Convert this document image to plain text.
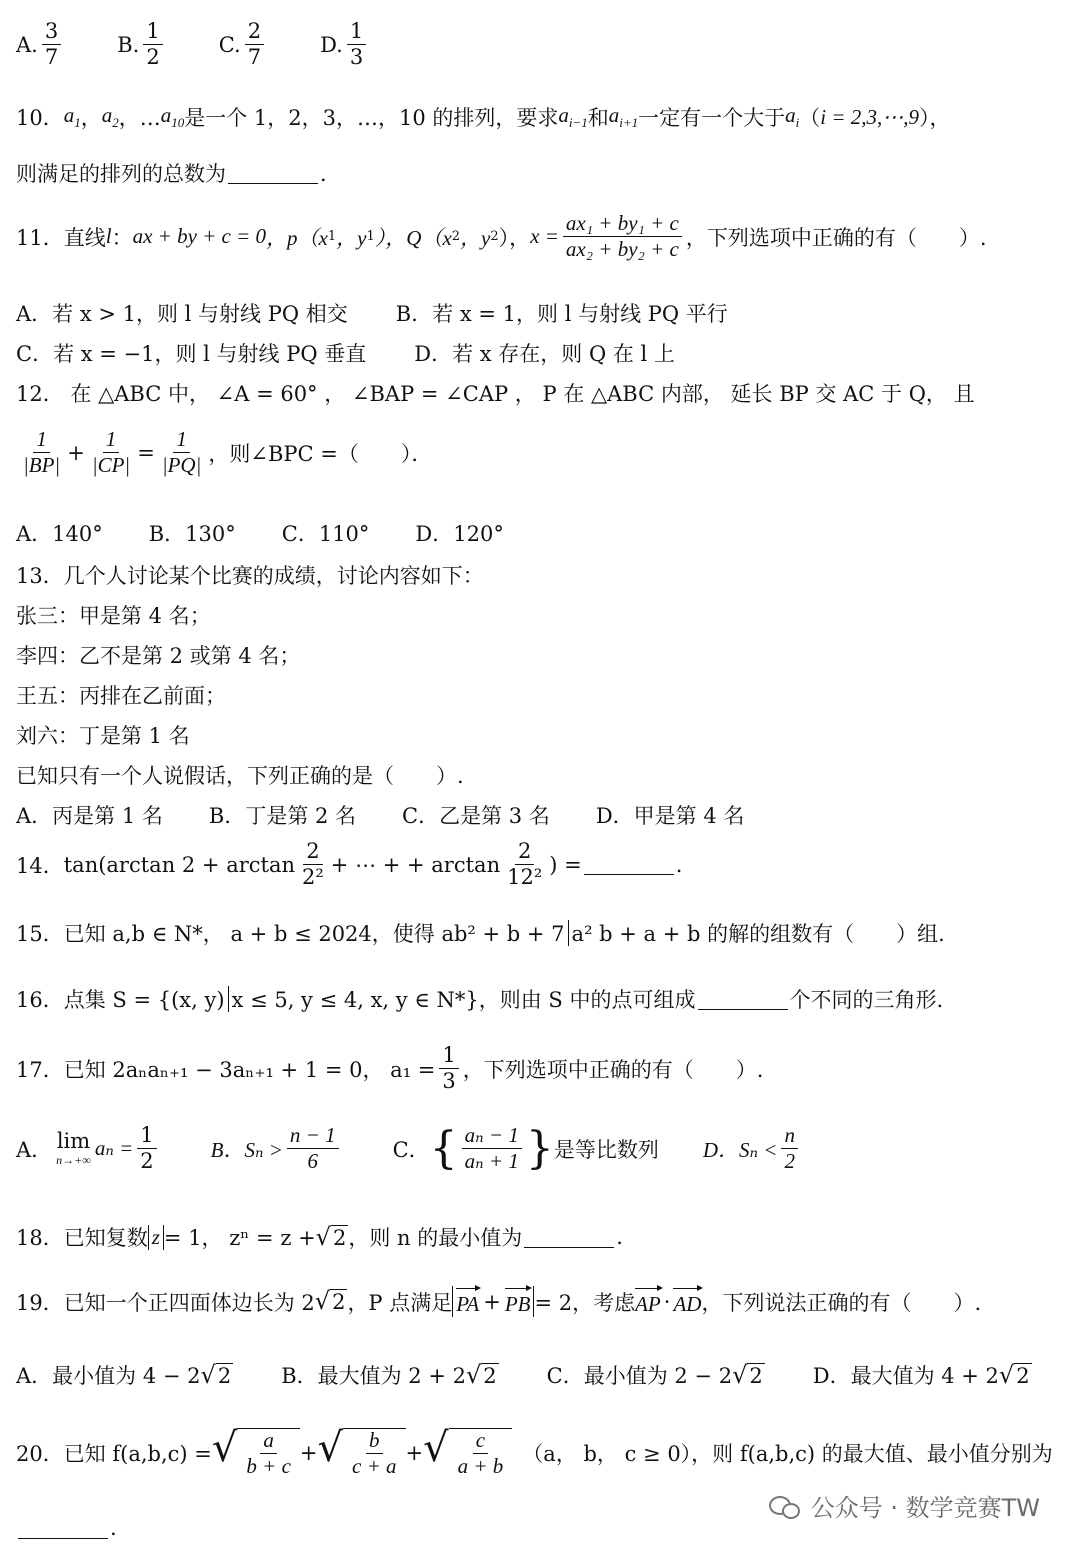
A. $\frac{3}{7}$	B. $\frac{1}{2}$	C. $\frac{2}{7}$	D. $\frac{1}{3}$
10． $a_1$ ， $a_2$ ，… $a_{10}$ 是一个 1，2，3，…，10 的排列，要求 $a_{i-1}$ 和 $a_{i+1}$ 一定有一个大于 $a_i$ （ i = 2,3,⋯,9 ），
则满足的排列的总数为	．
11．直线 l ： ax + by + c = 0 ，p（x 1 ，y 1 ），Q（x 2 ，y 2 ）， $x = \frac{\text{ax₁ + by₁ + c}}{\text{ax₂ + by₂ + c}}$ ，下列选项中正确的有（　　）.
A．若 x > 1，则 l 与射线 PQ 相交 B．若 x = 1，则 l 与射线 PQ 平行
C．若 x = −1，则 l 与射线 PQ 垂直 D．若 x 存在，则 Q 在 l 上
12． 在 △ABC 中， ∠A = 60° ， ∠BAP = ∠CAP ， P 在 △ABC 内部， 延长 BP 交 AC 于 Q， 且
$\frac{1}{|BP|} + \frac{1}{|CP|} = \frac{1}{|PQ|}$ ，则∠BPC =（　　）．
A．140° B．130° C．110° D．120°
13．几个人讨论某个比赛的成绩，讨论内容如下：
张三：甲是第 4 名；
李四：乙不是第 2 或第 4 名；
王五：丙排在乙前面；
刘六：丁是第 1 名
已知只有一个人说假话，下列正确的是（　　）.
A．丙是第 1 名 B．丁是第 2 名 C．乙是第 3 名 D．甲是第 4 名
14． tan(arctan $2 + \arctan \frac{2}{\text{2²}}$ + ⋯ + + $\arctan \frac{2}{\text{12²}}$ ) =	.
15．已知 a,b ∈ N*， a + b ≤ 2024，使得 ab² + b + 7 a² b + a + b 的解的组数有（　　）组.
16．点集 S = {(x, y) x ≤ 5, y ≤ 4, x, y ∈ N*}，则由 S 中的点可组成	个不同的三角形.
17．已知 2aₙaₙ₊₁ − 3aₙ₊₁ + 1 = 0， $a_1 = \frac{1}{3}$ ，下列选项中正确的有（　　）.
A． lim
n→+∞ $a_n = \frac{1}{2}$	B．$S_n > \frac{n - 1}{6}$	C． { $\frac{\text{aₙ − 1}}{\text{aₙ + 1}}$ } 是等比数列 D．$S_n < \frac{n}{2}$
18．已知复数 z = 1， zⁿ = z + √ 2 ，则 n 的最小值为	.
19．已知一个正四面体边长为 2 √ 2 ，P 点满足 PA + PB = 2，考虑 AP · AD ，下列说法正确的有（　　）.
A．最小值为 4 − 2 √ 2 B．最大值为 2 + 2 √ 2 C．最小值为 2 − 2 √ 2 D．最大值为 4 + 2 √ 2
20．已知 f(a,b,c) = √ $\frac{a}{b + c}$ + √ $\frac{b}{c + a}$ + √ $\frac{c}{a + b} (a$， b， c ≥ 0），则 f(a,b,c) 的最大值、最小值分别为
.
公众号 · 数学竞赛TW
